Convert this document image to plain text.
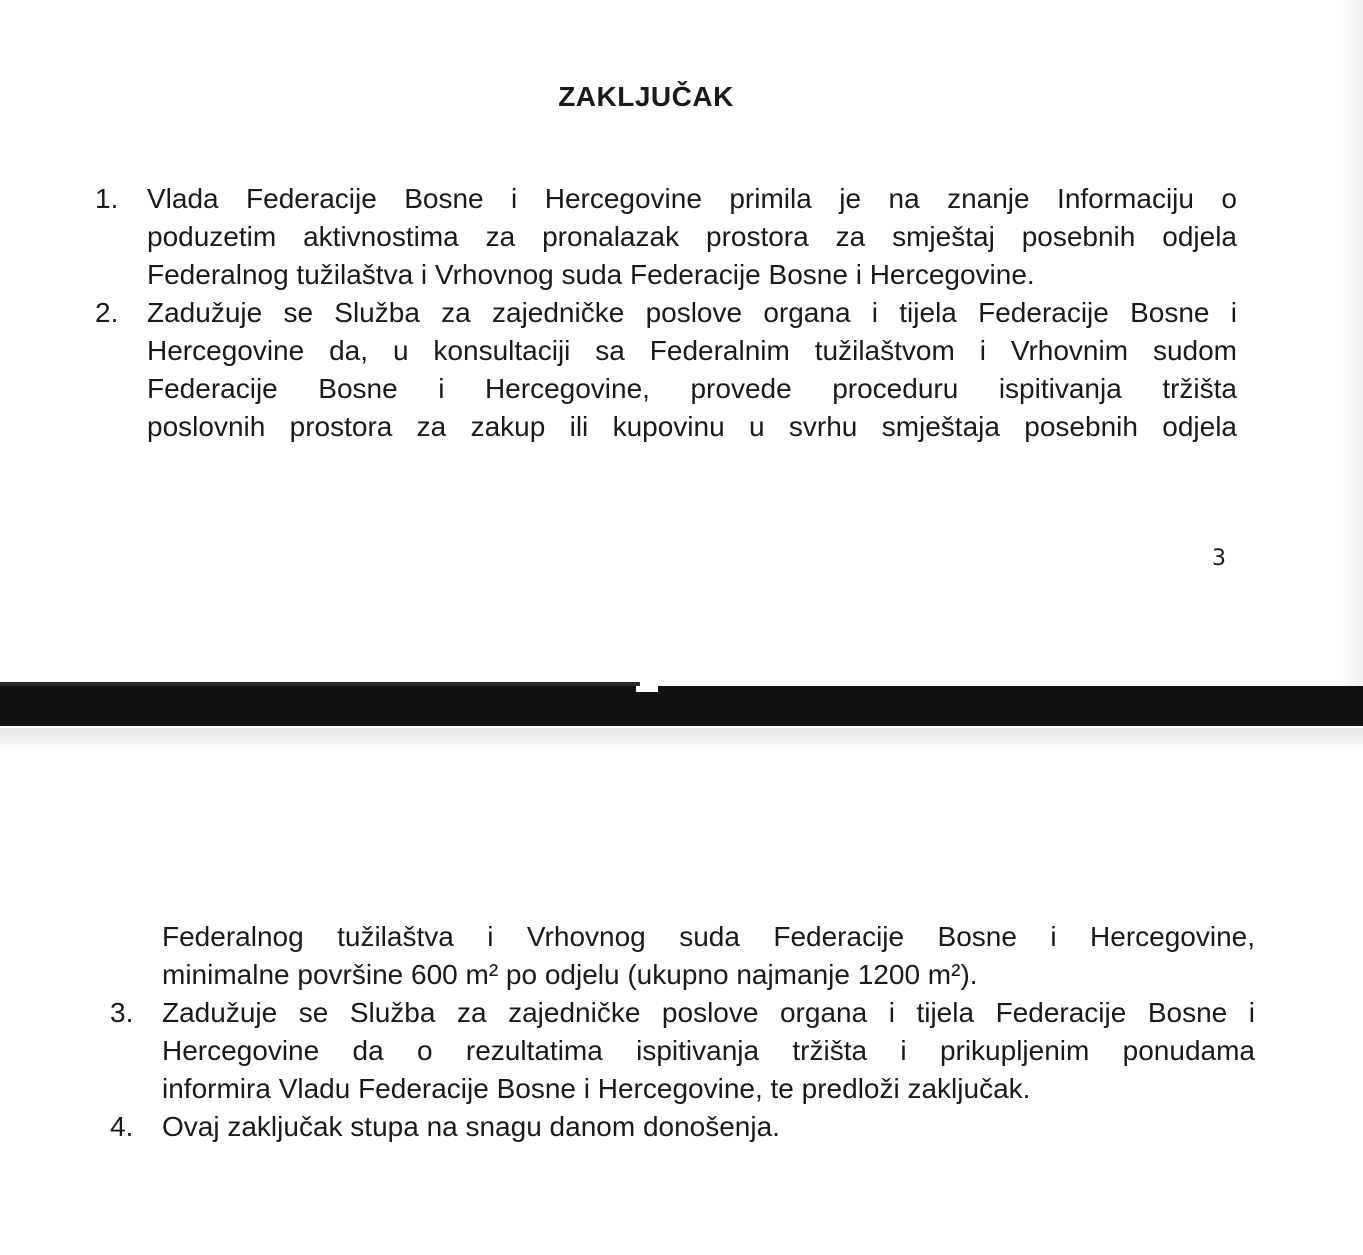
ZAKLJUČAK
1.	Vlada Federacije Bosne i Hercegovine primila je na znanje Informaciju o
poduzetim aktivnostima za pronalazak prostora za smještaj posebnih odjela
Federalnog tužilaštva i Vrhovnog suda Federacije Bosne i Hercegovine.
2.	Zadužuje se Služba za zajedničke poslove organa i tijela Federacije Bosne i
Hercegovine da, u konsultaciji sa Federalnim tužilaštvom i Vrhovnim sudom
Federacije Bosne i Hercegovine, provede proceduru ispitivanja tržišta
poslovnih prostora za zakup ili kupovinu u svrhu smještaja posebnih odjela
3
Federalnog tužilaštva i Vrhovnog suda Federacije Bosne i Hercegovine,
minimalne površine 600 m² po odjelu (ukupno najmanje 1200 m²).
3.	Zadužuje se Služba za zajedničke poslove organa i tijela Federacije Bosne i
Hercegovine da o rezultatima ispitivanja tržišta i prikupljenim ponudama
informira Vladu Federacije Bosne i Hercegovine, te predloži zaključak.
4.	Ovaj zaključak stupa na snagu danom donošenja.
